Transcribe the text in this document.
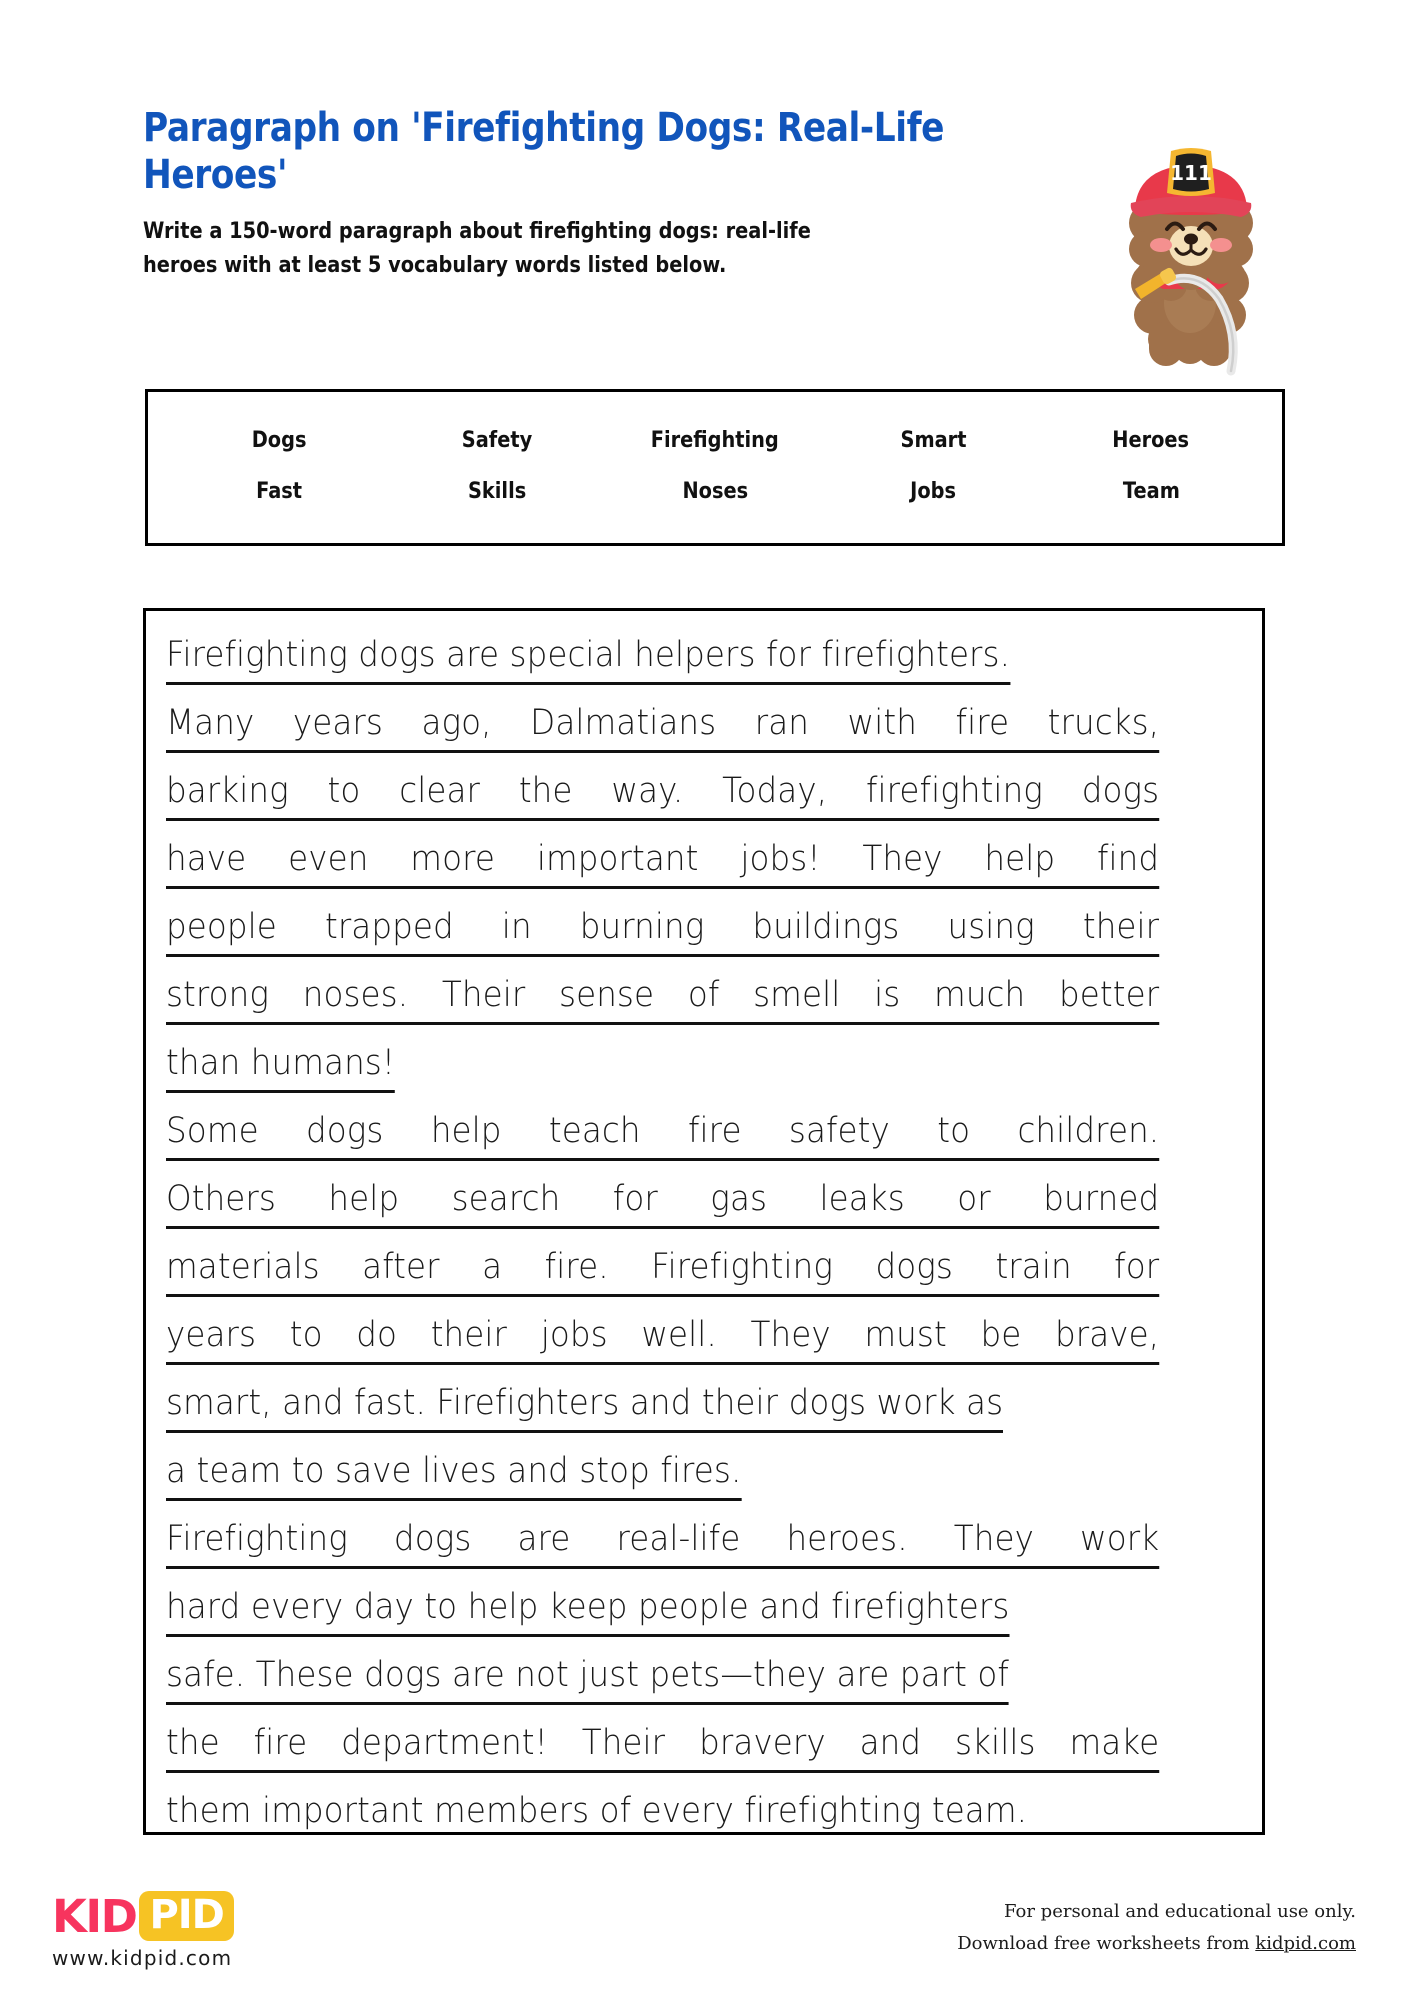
Paragraph on 'Firefighting Dogs: Real-Life
Heroes'
Write a 150-word paragraph about firefighting dogs: real-life
heroes with at least 5 vocabulary words listed below.
111
Dogs	Safety	Firefighting	Smart	Heroes
Fast	Skills	Noses	Jobs	Team
Firefighting dogs are special helpers for firefighters.
Many years ago, Dalmatians ran with fire trucks,
barking to clear the way. Today, firefighting dogs
have even more important jobs! They help find
people trapped in burning buildings using their
strong noses. Their sense of smell is much better
than humans!
Some dogs help teach fire safety to children.
Others help search for gas leaks or burned
materials after a fire. Firefighting dogs train for
years to do their jobs well. They must be brave,
smart, and fast. Firefighters and their dogs work as
a team to save lives and stop fires.
Firefighting dogs are real-life heroes. They work
hard every day to help keep people and firefighters
safe. These dogs are not just pets—they are part of
the fire department! Their bravery and skills make
them important members of every firefighting team.
KID PID
www.kidpid.com
For personal and educational use only.
Download free worksheets from kidpid.com
